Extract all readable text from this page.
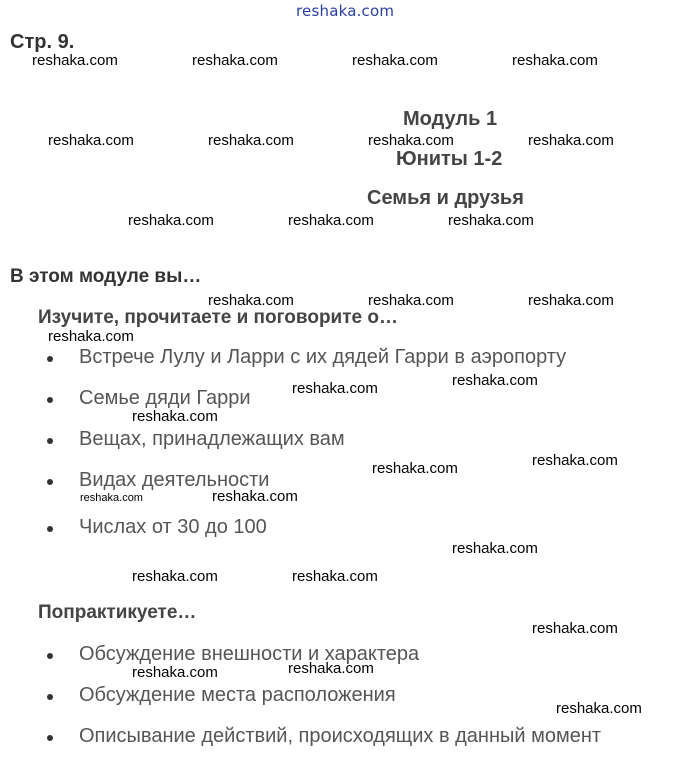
reshaka.com
Стр. 9.
Модуль 1
Юниты 1-2
Семья и друзья
В этом модуле вы…
Изучите, прочитаете и поговорите о…
Встрече Лулу и Ларри с их дядей Гарри в аэропорту
Семье дяди Гарри
Вещах, принадлежащих вам
Видах деятельности
Числах от 30 до 100
Попрактикуете…
Обсуждение внешности и характера
Обсуждение места расположения
Описывание действий, происходящих в данный момент
reshaka.com	reshaka.com	reshaka.com	reshaka.com
reshaka.com	reshaka.com	reshaka.com	reshaka.com
reshaka.com	reshaka.com	reshaka.com
reshaka.com	reshaka.com	reshaka.com
reshaka.com
reshaka.com
reshaka.com
reshaka.com
reshaka.com
reshaka.com
reshaka.com
reshaka.com
reshaka.com
reshaka.com	reshaka.com
reshaka.com
reshaka.com	reshaka.com
reshaka.com
